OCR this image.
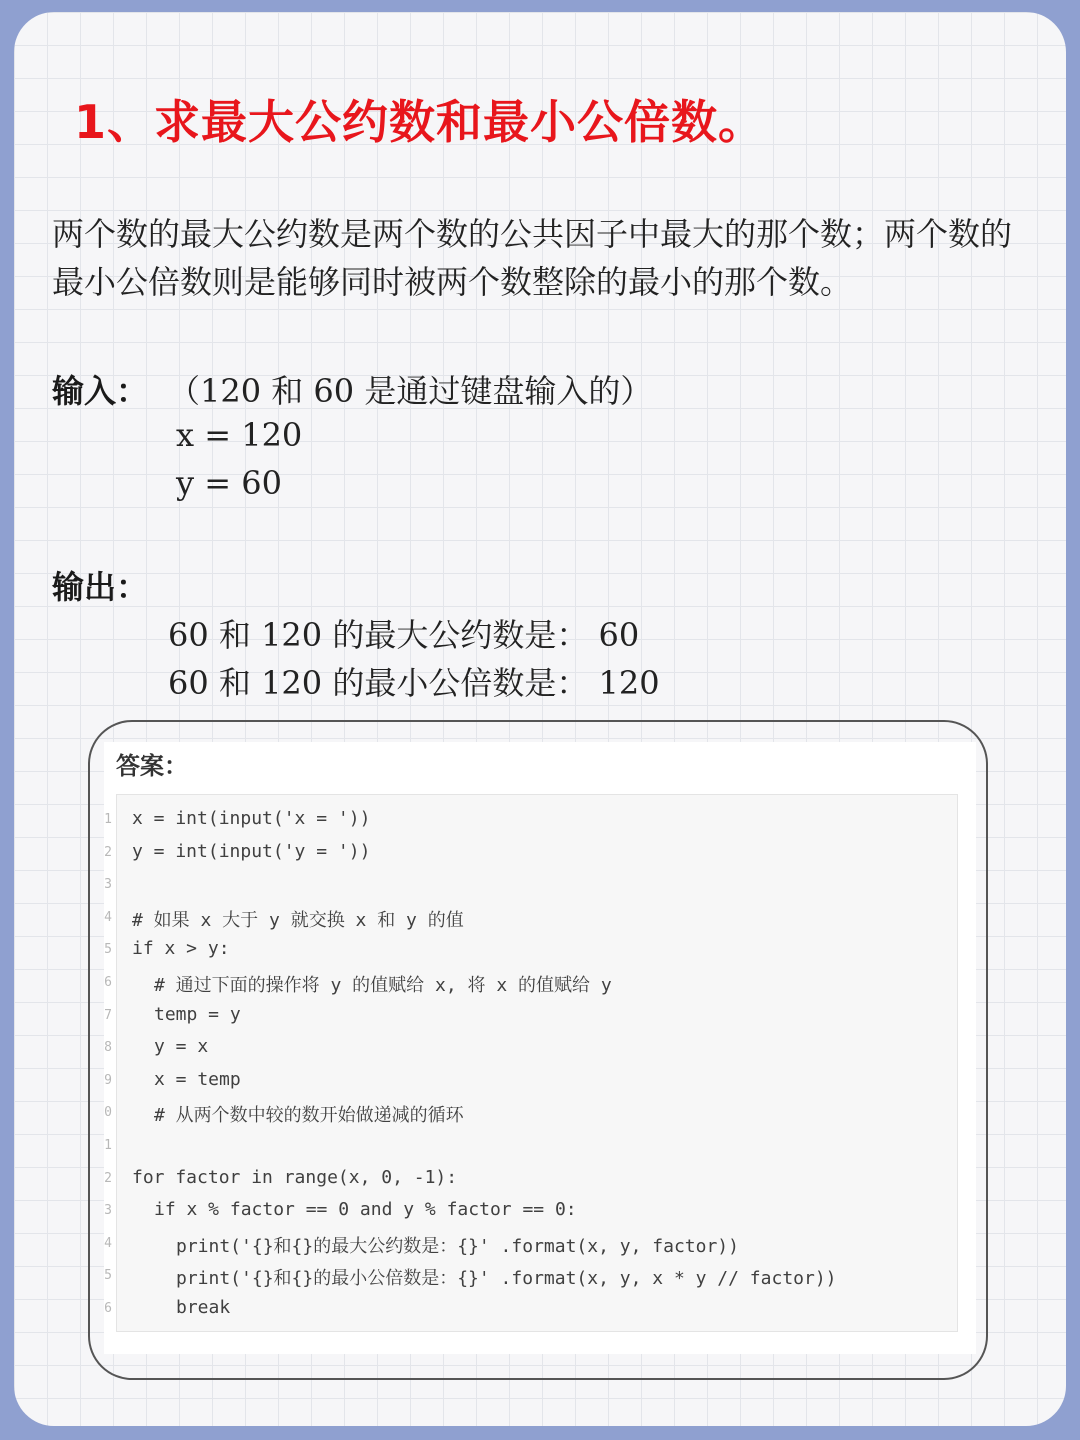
1、求最大公约数和最小公倍数。

两个数的最大公约数是两个数的公共因子中最大的那个数；两个数的最小公倍数则是能够同时被两个数整除的最小的那个数。

输入： （120 和 60 是通过键盘输入的）
x = 120
y = 60
输出：
60 和 120 的最大公约数是： 60
60 和 120 的最小公倍数是： 120
答案：
1 x = int(input('x = '))
2 y = int(input('y = '))
3
4 # 如果 x 大于 y 就交换 x 和 y 的值
5 if x > y:
6 # 通过下面的操作将 y 的值赋给 x, 将 x 的值赋给 y
7 temp = y
8 y = x
9 x = temp
0 # 从两个数中较的数开始做递减的循环
1
2 for factor in range(x, 0, -1):
3 if x % factor == 0 and y % factor == 0:
4	print('{}和{}的最大公约数是：{}' .format(x, y, factor))
5	print('{}和{}的最小公倍数是：{}' .format(x, y, x * y // factor))
6	break
